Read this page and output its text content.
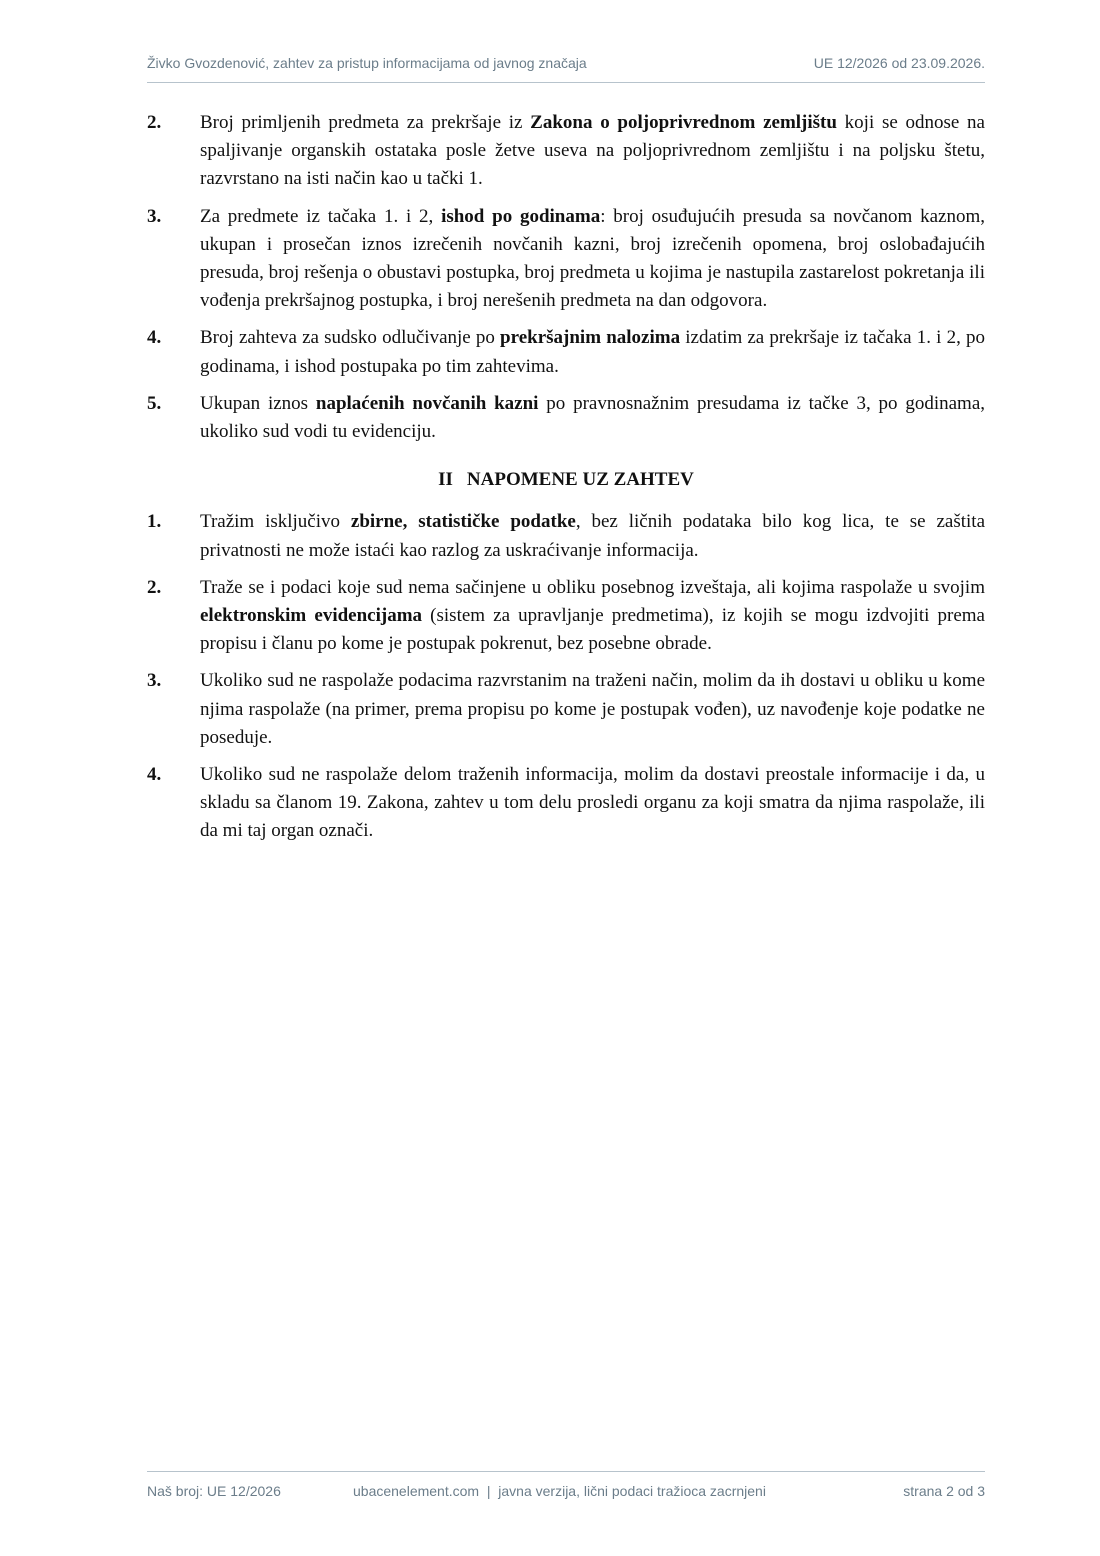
Živko Gvozdenović, zahtev za pristup informacijama od javnog značaja	UE 12/2026 od 23.09.2026.
2. Broj primljenih predmeta za prekršaje iz Zakona o poljoprivrednom zemljištu koji se odnose na spaljivanje organskih ostataka posle žetve useva na poljoprivrednom zemljištu i na poljsku štetu, razvrstano na isti način kao u tački 1.

3. Za predmete iz tačaka 1. i 2, ishod po godinama: broj osuđujućih presuda sa novčanom kaznom, ukupan i prosečan iznos izrečenih novčanih kazni, broj izrečenih opomena, broj oslobađajućih presuda, broj rešenja o obustavi postupka, broj predmeta u kojima je nastupila zastarelost pokretanja ili vođenja prekršajnog postupka, i broj nerešenih predmeta na dan odgovora.

4. Broj zahteva za sudsko odlučivanje po prekršajnim nalozima izdatim za prekršaje iz tačaka 1. i 2, po godinama, i ishod postupaka po tim zahtevima.

5. Ukupan iznos naplaćenih novčanih kazni po pravnosnažnim presudama iz tačke 3, po godinama, ukoliko sud vodi tu evidenciju.

II NAPOMENE UZ ZAHTEV
1. Tražim isključivo zbirne, statističke podatke, bez ličnih podataka bilo kog lica, te se zaštita privatnosti ne može istaći kao razlog za uskraćivanje informacija.

2. Traže se i podaci koje sud nema sačinjene u obliku posebnog izveštaja, ali kojima raspolaže u svojim elektronskim evidencijama (sistem za upravljanje predmetima), iz kojih se mogu izdvojiti prema propisu i članu po kome je postupak pokrenut, bez posebne obrade.

3. Ukoliko sud ne raspolaže podacima razvrstanim na traženi način, molim da ih dostavi u obliku u kome njima raspolaže (na primer, prema propisu po kome je postupak vođen), uz navođenje koje podatke ne poseduje.

4. Ukoliko sud ne raspolaže delom traženih informacija, molim da dostavi preostale informacije i da, u skladu sa članom 19. Zakona, zahtev u tom delu prosledi organu za koji smatra da njima raspolaže, ili da mi taj organ označi.

Naš broj: UE 12/2026	ubacenelement.com  |  javna verzija, lični podaci tražioca zacrnjeni	strana 2 od 3
